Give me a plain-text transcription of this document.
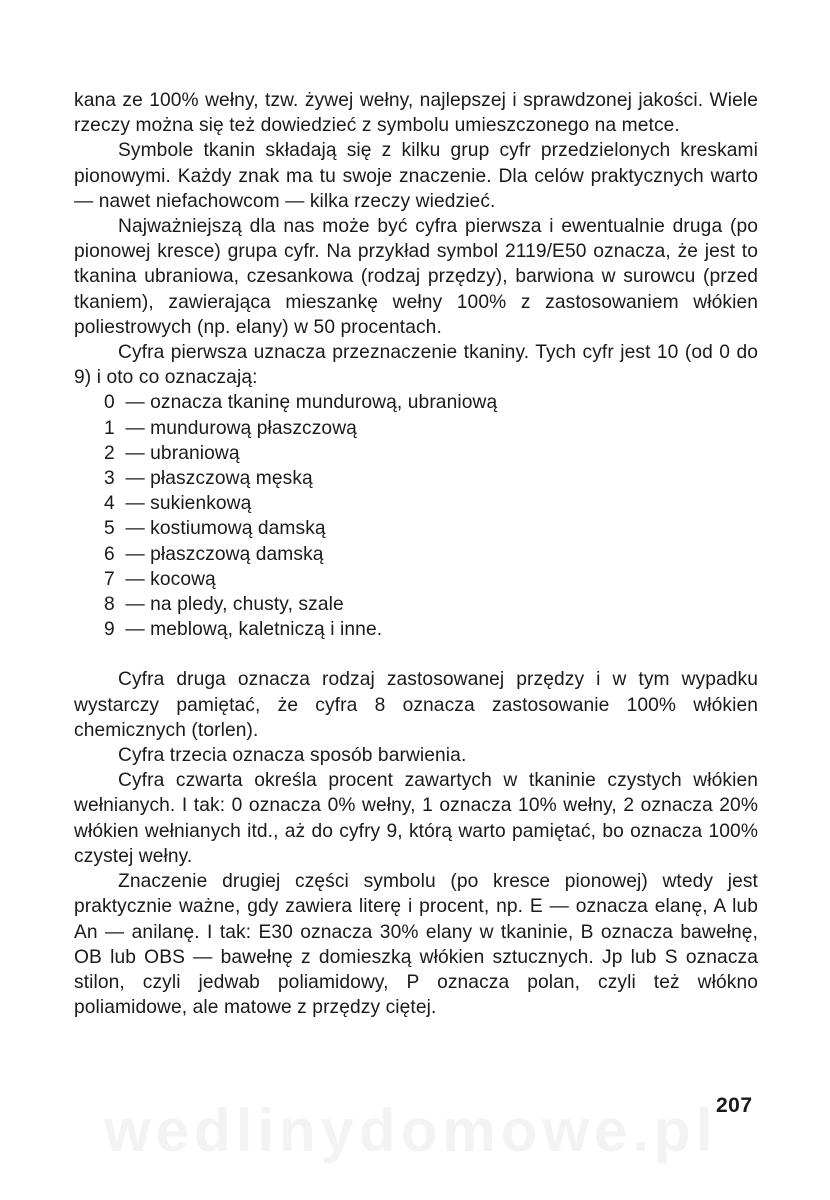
wedlinydomowe.pl

kana ze 100% wełny, tzw. żywej wełny, najlepszej i sprawdzonej jakości. Wiele rzeczy można się też dowiedzieć z symbolu umieszczonego na metce.

Symbole tkanin składają się z kilku grup cyfr przedzielonych kreskami pionowymi. Każdy znak ma tu swoje znaczenie. Dla celów praktycznych warto — nawet niefachowcom — kilka rzeczy wiedzieć.

Najważniejszą dla nas może być cyfra pierwsza i ewentualnie druga (po pionowej kresce) grupa cyfr. Na przykład symbol 2119/E50 oznacza, że jest to tkanina ubraniowa, czesankowa (rodzaj przędzy), barwiona w surowcu (przed tkaniem), zawierająca mieszankę wełny 100% z zastosowaniem włókien poliestrowych (np. elany) w 50 procentach.

Cyfra pierwsza uznacza przeznaczenie tkaniny. Tych cyfr jest 10 (od 0 do 9) i oto co oznaczają:

0 — oznacza tkaninę mundurową, ubraniową
1 — mundurową płaszczową
2 — ubraniową
3 — płaszczową męską
4 — sukienkową
5 — kostiumową damską
6 — płaszczową damską
7 — kocową
8 — na pledy, chusty, szale
9 — meblową, kaletniczą i inne.

Cyfra druga oznacza rodzaj zastosowanej przędzy i w tym wypadku wystarczy pamiętać, że cyfra 8 oznacza zastosowanie 100% włókien chemicznych (torlen).

Cyfra trzecia oznacza sposób barwienia.

Cyfra czwarta określa procent zawartych w tkaninie czystych włókien wełnianych. I tak: 0 oznacza 0% wełny, 1 oznacza 10% wełny, 2 oznacza 20% włókien wełnianych itd., aż do cyfry 9, którą warto pamiętać, bo oznacza 100% czystej wełny.

Znaczenie drugiej części symbolu (po kresce pionowej) wtedy jest praktycznie ważne, gdy zawiera literę i procent, np. E — oznacza elanę, A lub An — anilanę. I tak: E30 oznacza 30% elany w tkaninie, B oznacza bawełnę, OB lub OBS — bawełnę z domieszką włókien sztucznych. Jp lub S oznacza stilon, czyli jedwab poliamidowy, P oznacza polan, czyli też włókno poliamidowe, ale matowe z przędzy ciętej.

207
